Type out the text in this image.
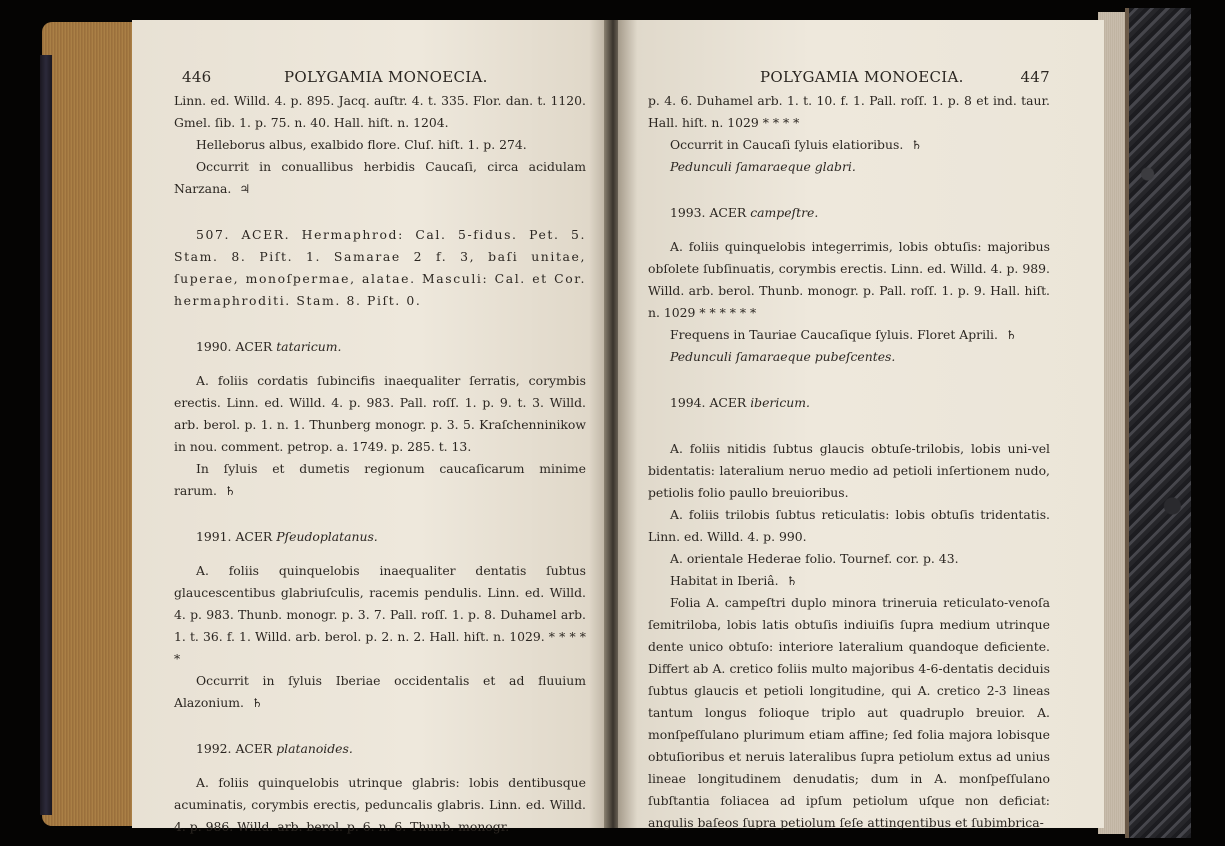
446	POLYGAMIA MONOECIA.

Linn. ed. Willd. 4. p. 895. Jacq. auſtr. 4. t. 335. Flor. dan. t. 1120. Gmel. ſib. 1. p. 75. n. 40. Hall. hiſt. n. 1204.

Helleborus albus, exalbido flore. Cluſ. hiſt. 1. p. 274.

Occurrit in conuallibus herbidis Caucaſi, circa acidulam Narzana. ♃

507. ACER. Hermaphrod: Cal. 5-fidus. Pet. 5. Stam. 8. Piſt. 1. Samarae 2 f. 3, baſi unitae, ſuperae, monoſpermae, alatae. Masculi: Cal. et Cor. hermaphroditi. Stam. 8. Piſt. 0.

1990. ACER tataricum.

A. foliis cordatis ſubincifis inaequaliter ſerratis, corymbis erectis. Linn. ed. Willd. 4. p. 983. Pall. roſſ. 1. p. 9. t. 3. Willd. arb. berol. p. 1. n. 1. Thunberg monogr. p. 3. 5. Kraſchenninikow in nou. comment. petrop. a. 1749. p. 285. t. 13.

In ſyluis et dumetis regionum caucaſicarum minime rarum. ♄

1991. ACER Pſeudoplatanus.

A. foliis quinquelobis inaequaliter dentatis ſubtus glaucescentibus glabriuſculis, racemis pendulis. Linn. ed. Willd. 4. p. 983. Thunb. monogr. p. 3. 7. Pall. roſſ. 1. p. 8. Duhamel arb. 1. t. 36. f. 1. Willd. arb. berol. p. 2. n. 2. Hall. hiſt. n. 1029. * * * * *

Occurrit in ſyluis Iberiae occidentalis et ad fluuium Alazonium. ♄

1992. ACER platanoides.

A. foliis quinquelobis utrinque glabris: lobis dentibusque acuminatis, corymbis erectis, peduncalis glabris. Linn. ed. Willd. 4. p. 986. Willd. arb. berol. p. 6. n. 6. Thunb. monogr.

POLYGAMIA MONOECIA.	447

p. 4. 6. Duhamel arb. 1. t. 10. f. 1. Pall. roſſ. 1. p. 8 et ind. taur. Hall. hiſt. n. 1029 * * * *

Occurrit in Caucaſi ſyluis elatioribus. ♄

Pedunculi ſamaraeque glabri.

1993. ACER campeſtre.

A. foliis quinquelobis integerrimis, lobis obtuſis: majoribus obſolete ſubſinuatis, corymbis erectis. Linn. ed. Willd. 4. p. 989. Willd. arb. berol. Thunb. monogr. p. Pall. roſſ. 1. p. 9. Hall. hiſt. n. 1029 * * * * * *

Frequens in Tauriae Caucaſique ſyluis. Floret Aprili. ♄

Pedunculi ſamaraeque pubeſcentes.

1994. ACER ibericum.

A. foliis nitidis ſubtus glaucis obtuſe-trilobis, lobis uni-vel bidentatis: lateralium neruo medio ad petioli inſertionem nudo, petiolis folio paullo breuioribus.

A. foliis trilobis ſubtus reticulatis: lobis obtuſis tridentatis. Linn. ed. Willd. 4. p. 990.

A. orientale Hederae folio. Tournef. cor. p. 43.

Habitat in Iberiâ. ♄

Folia A. campeſtri duplo minora trineruia reticulato-venoſa ſemitriloba, lobis latis obtuſis indiuiſis ſupra medium utrinque dente unico obtuſo: interiore lateralium quandoque deficiente. Differt ab A. cretico foliis multo majoribus 4-6-dentatis deciduis ſubtus glaucis et petioli longitudine, qui A. cretico 2-3 lineas tantum longus folioque triplo aut quadruplo breuior. A. monſpeſſulano plurimum etiam affine; ſed folia majora lobisque obtuſioribus et neruis lateralibus ſupra petiolum extus ad unius lineae longitudinem denudatis; dum in A. monſpeſſulano ſubſtantia foliacea ad ipſum petiolum uſque non deficiat: angulis baſeos ſupra petiolum ſeſe attingentibus et ſubimbrica-
